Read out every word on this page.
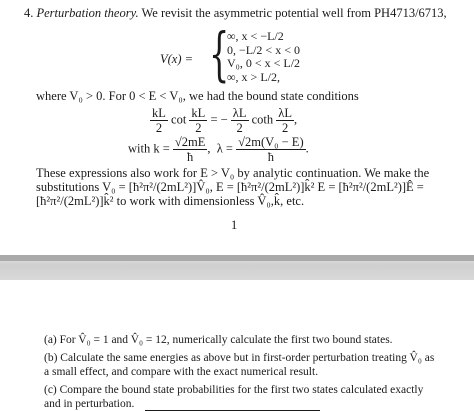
4. Perturbation theory. We revisit the asymmetric potential well from PH4713/6713,
V(x) = {
∞, x < −L/2
0, −L/2 < x < 0
V₀, 0 < x < L/2
∞, x > L/2,
where V₀ > 0. For 0 < E < V₀, we had the bound state conditions
$\frac{kL}{2}$ $\cot \frac{kL}{2}$ = − $\frac{\lambda L}{2}$ coth $\frac{\lambda L}{2}$ ,
with $k = \frac{√2mE}{ħ}$ , $\lambda = \frac{\text{√2m(V₀ − E)}}{ħ}$ .
These expressions also work for E > V₀ by analytic continuation. We make the
substitutions V₀ = [ħ²π²/(2mL²)]V̂₀, E = [ħ²π²/(2mL²)]k̂² E = [ħ²π²/(2mL²)]Ê =
[ħ²π²/(2mL²)]k̂² to work with dimensionless V̂₀,k̂, etc.
1
(a) For V̂₀ = 1 and V̂₀ = 12, numerically calculate the first two bound states.
(b) Calculate the same energies as above but in first-order perturbation treating V̂₀ as
a small effect, and compare with the exact numerical result.
(c) Compare the bound state probabilities for the first two states calculated exactly
and in perturbation.
